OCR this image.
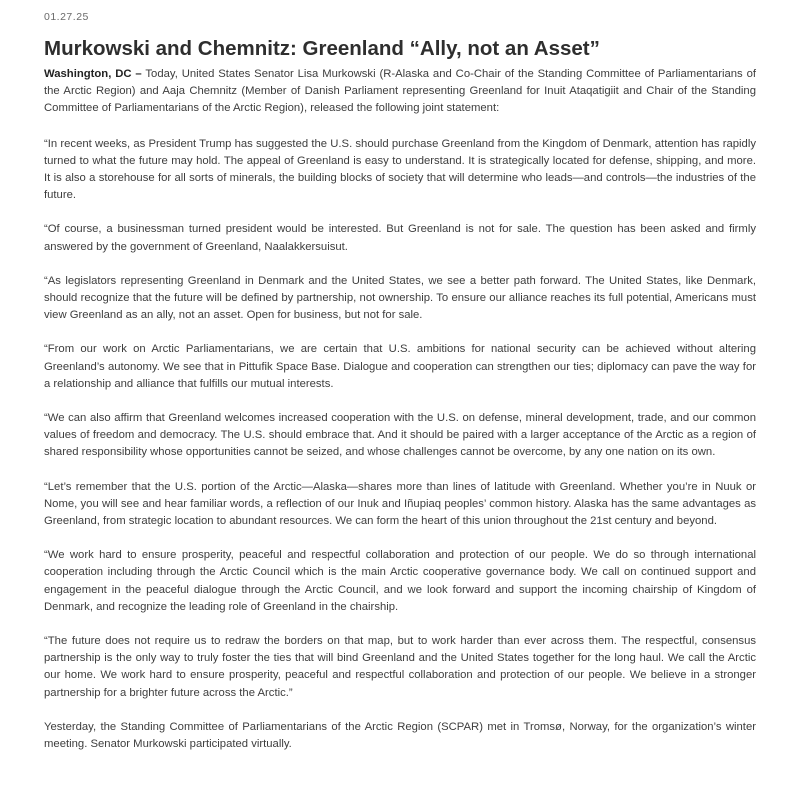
01.27.25
Murkowski and Chemnitz: Greenland “Ally, not an Asset”

Washington, DC – Today, United States Senator Lisa Murkowski (R-Alaska and Co-Chair of the Standing Committee of Parliamentarians of the Arctic Region) and Aaja Chemnitz (Member of Danish Parliament representing Greenland for Inuit Ataqatigiit and Chair of the Standing Committee of Parliamentarians of the Arctic Region), released the following joint statement:

“In recent weeks, as President Trump has suggested the U.S. should purchase Greenland from the Kingdom of Denmark, attention has rapidly turned to what the future may hold. The appeal of Greenland is easy to understand. It is strategically located for defense, shipping, and more. It is also a storehouse for all sorts of minerals, the building blocks of society that will determine who leads—and controls—the industries of the future.

“Of course, a businessman turned president would be interested. But Greenland is not for sale. The question has been asked and firmly answered by the government of Greenland, Naalakkersuisut.

“As legislators representing Greenland in Denmark and the United States, we see a better path forward. The United States, like Denmark, should recognize that the future will be defined by partnership, not ownership. To ensure our alliance reaches its full potential, Americans must view Greenland as an ally, not an asset. Open for business, but not for sale.

“From our work on Arctic Parliamentarians, we are certain that U.S. ambitions for national security can be achieved without altering Greenland’s autonomy. We see that in Pittufik Space Base. Dialogue and cooperation can strengthen our ties; diplomacy can pave the way for a relationship and alliance that fulfills our mutual interests.

“We can also affirm that Greenland welcomes increased cooperation with the U.S. on defense, mineral development, trade, and our common values of freedom and democracy. The U.S. should embrace that. And it should be paired with a larger acceptance of the Arctic as a region of shared responsibility whose opportunities cannot be seized, and whose challenges cannot be overcome, by any one nation on its own.

“Let’s remember that the U.S. portion of the Arctic—Alaska—shares more than lines of latitude with Greenland. Whether you’re in Nuuk or Nome, you will see and hear familiar words, a reflection of our Inuk and Iñupiaq peoples’ common history. Alaska has the same advantages as Greenland, from strategic location to abundant resources. We can form the heart of this union throughout the 21st century and beyond.

“We work hard to ensure prosperity, peaceful and respectful collaboration and protection of our people. We do so through international cooperation including through the Arctic Council which is the main Arctic cooperative governance body. We call on continued support and engagement in the peaceful dialogue through the Arctic Council, and we look forward and support the incoming chairship of Kingdom of Denmark, and recognize the leading role of Greenland in the chairship.

“The future does not require us to redraw the borders on that map, but to work harder than ever across them. The respectful, consensus partnership is the only way to truly foster the ties that will bind Greenland and the United States together for the long haul. We call the Arctic our home. We work hard to ensure prosperity, peaceful and respectful collaboration and protection of our people. We believe in a stronger partnership for a brighter future across the Arctic.”

Yesterday, the Standing Committee of Parliamentarians of the Arctic Region (SCPAR) met in Tromsø, Norway, for the organization’s winter meeting. Senator Murkowski participated virtually.
